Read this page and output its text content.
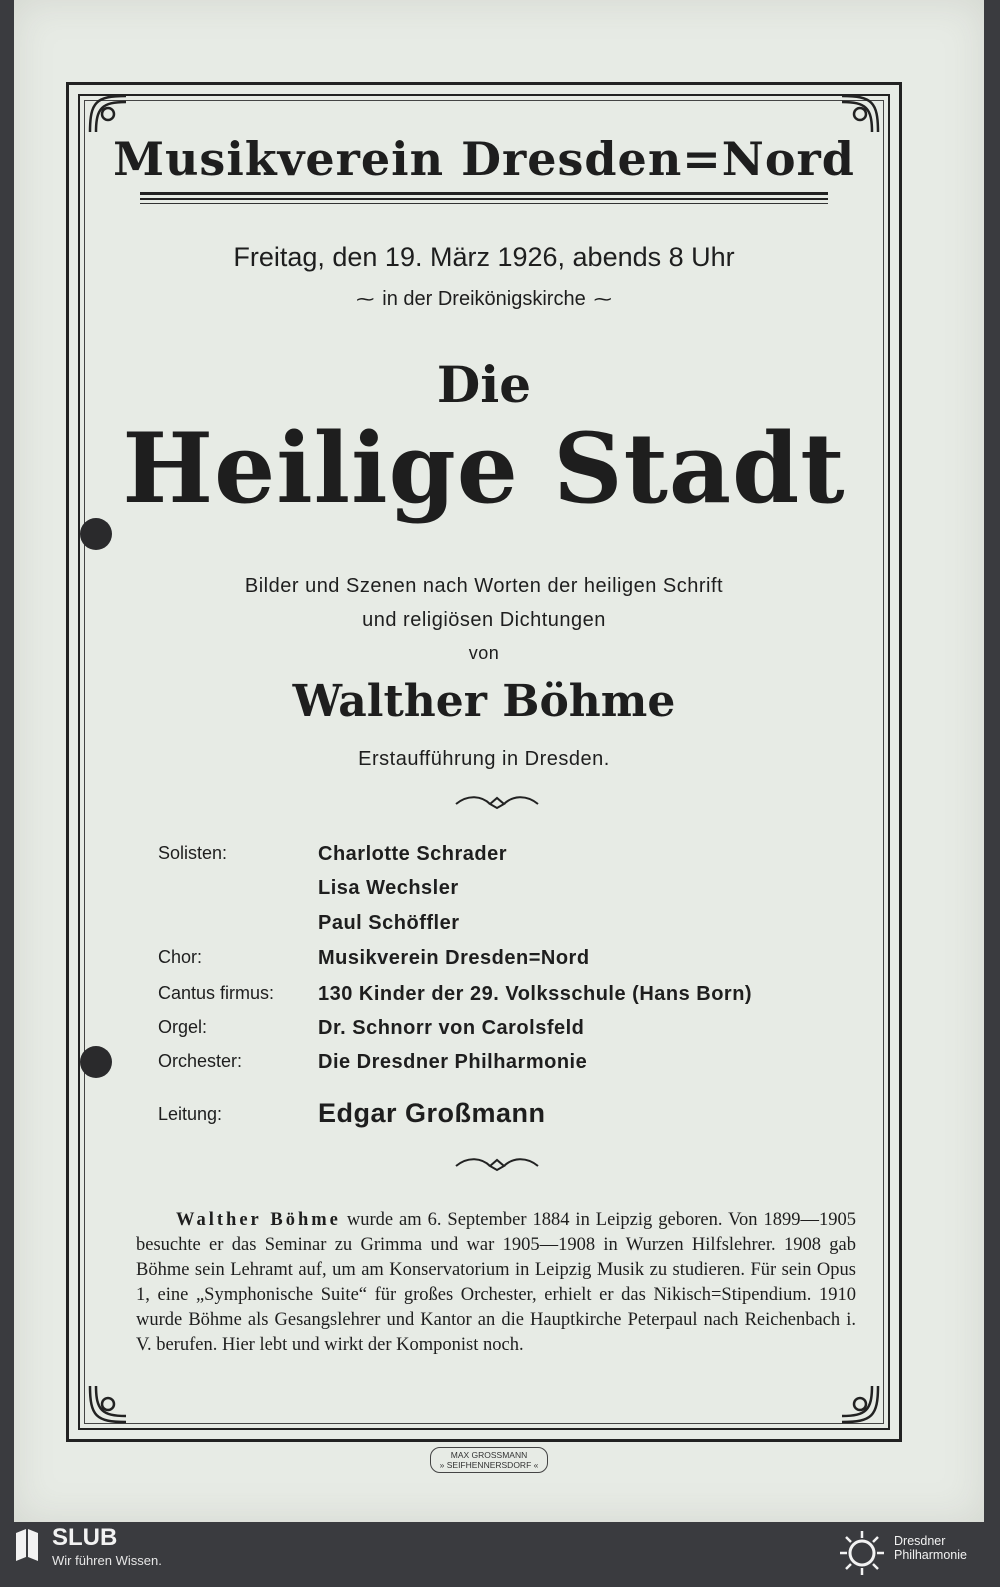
Musikverein Dresden=Nord
Freitag, den 19. März 1926, abends 8 Uhr
⁓ in der Dreikönigskirche ⁓
Die
Heilige Stadt
Bilder und Szenen nach Worten der heiligen Schrift
und religiösen Dichtungen
von
Walther Böhme
Erstaufführung in Dresden.
Solisten:	Charlotte Schrader
Lisa Wechsler
Paul Schöffler
Chor:	Musikverein Dresden=Nord
Cantus firmus: 130 Kinder der 29. Volksschule (Hans Born)
Orgel:	Dr. Schnorr von Carolsfeld
Orchester:	Die Dresdner Philharmonie
Leitung:	Edgar Großmann
Walther Böhme wurde am 6. September 1884 in Leipzig geboren. Von 1899—1905 besuchte er das Seminar zu Grimma und war 1905—1908 in Wurzen Hilfslehrer. 1908 gab Böhme sein Lehramt auf, um am Konservatorium in Leipzig Musik zu studieren. Für sein Opus 1, eine „Symphonische Suite“ für großes Orchester, erhielt er das Nikisch=Stipendium. 1910 wurde Böhme als Gesangslehrer und Kantor an die Hauptkirche Peterpaul nach Reichenbach i. V. berufen. Hier lebt und wirkt der Komponist noch.
MAX GROSSMANN
» SEIFHENNERSDORF «
SLUB
Wir führen Wissen.
Dresdner
Philharmonie
